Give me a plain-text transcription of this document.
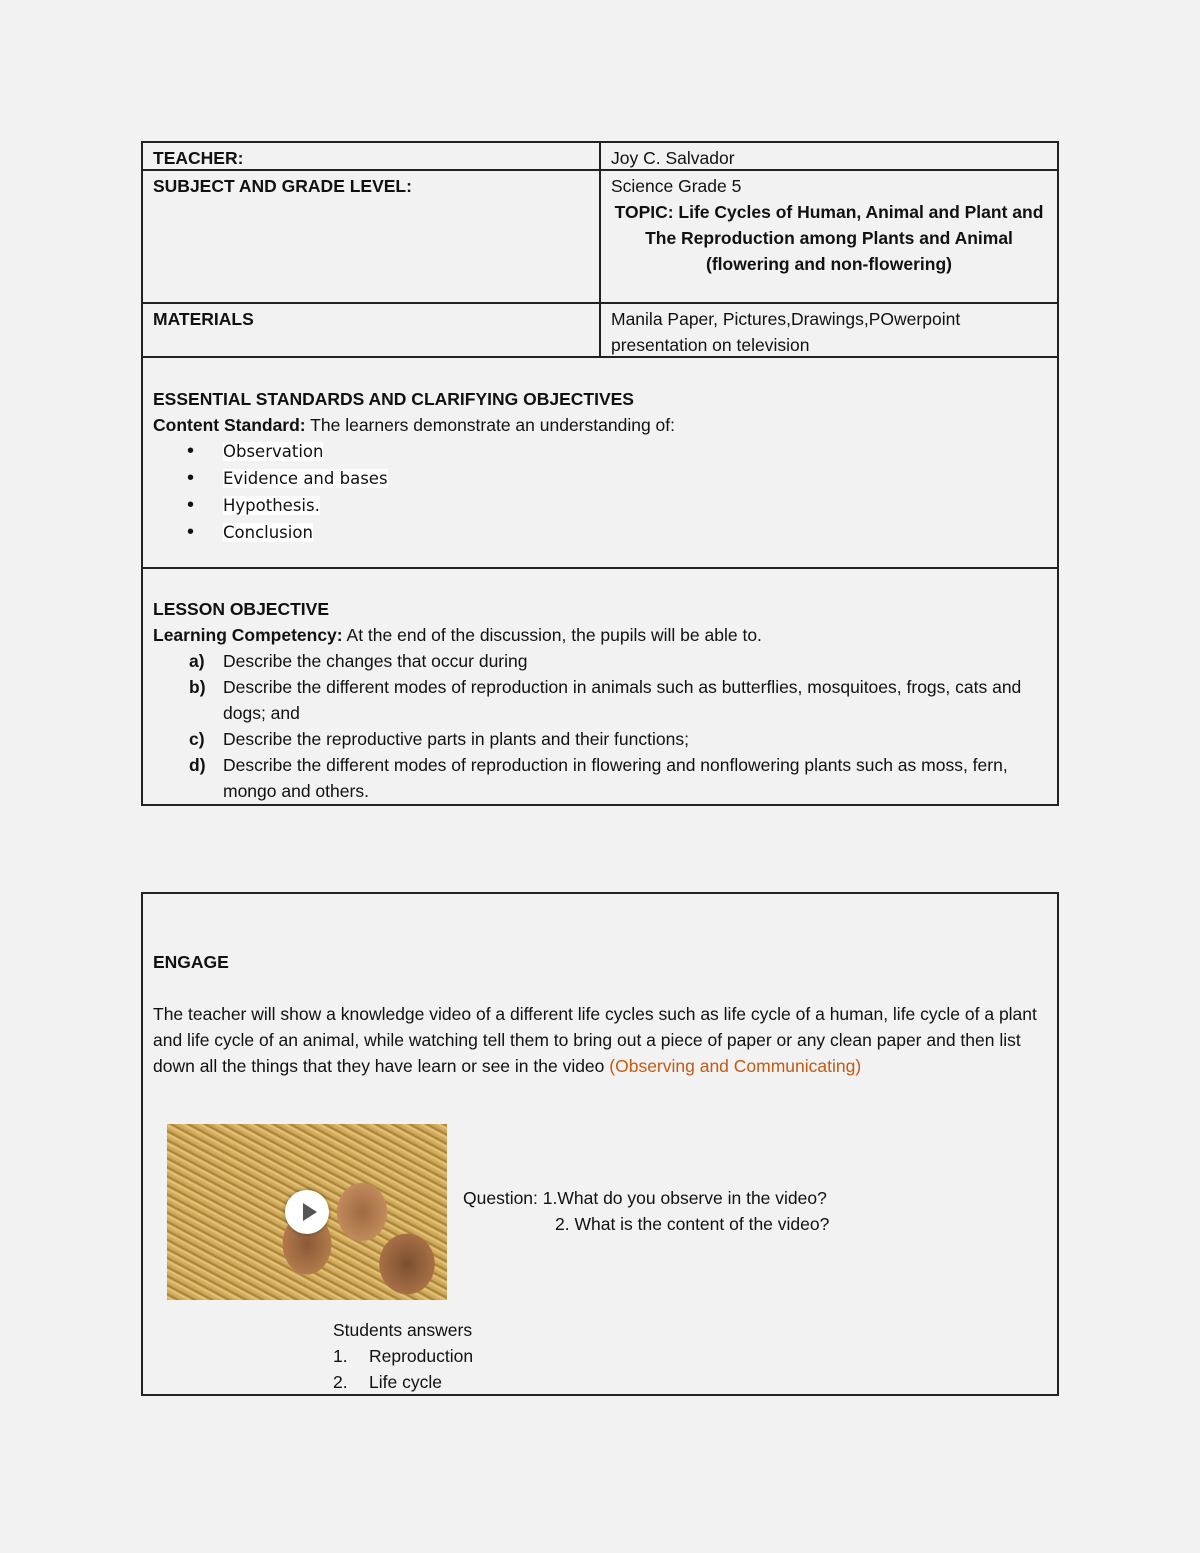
TEACHER:	Joy C. Salvador
SUBJECT AND GRADE LEVEL:	Science Grade 5
TOPIC: Life Cycles of Human, Animal and Plant and The Reproduction among Plants and Animal (flowering and non-flowering)
MATERIALS	Manila Paper, Pictures,Drawings,POwerpoint presentation on television
ESSENTIAL STANDARDS AND CLARIFYING OBJECTIVES
Content Standard: The learners demonstrate an understanding of:
• Observation
• Evidence and bases
• Hypothesis.
• Conclusion
LESSON OBJECTIVE
Learning Competency: At the end of the discussion, the pupils will be able to.
a) Describe the changes that occur during
b) Describe the different modes of reproduction in animals such as butterflies, mosquitoes, frogs, cats and dogs; and
c) Describe the reproductive parts in plants and their functions;
d) Describe the different modes of reproduction in flowering and nonflowering plants such as moss, fern, mongo and others.
ENGAGE
The teacher will show a knowledge video of a different life cycles such as life cycle of a human, life cycle of a plant and life cycle of an animal, while watching tell them to bring out a piece of paper or any clean paper and then list down all the things that they have learn or see in the video (Observing and Communicating)
Question: 1.What do you observe in the video?
2. What is the content of the video?
Students answers
1. Reproduction
2. Life cycle
